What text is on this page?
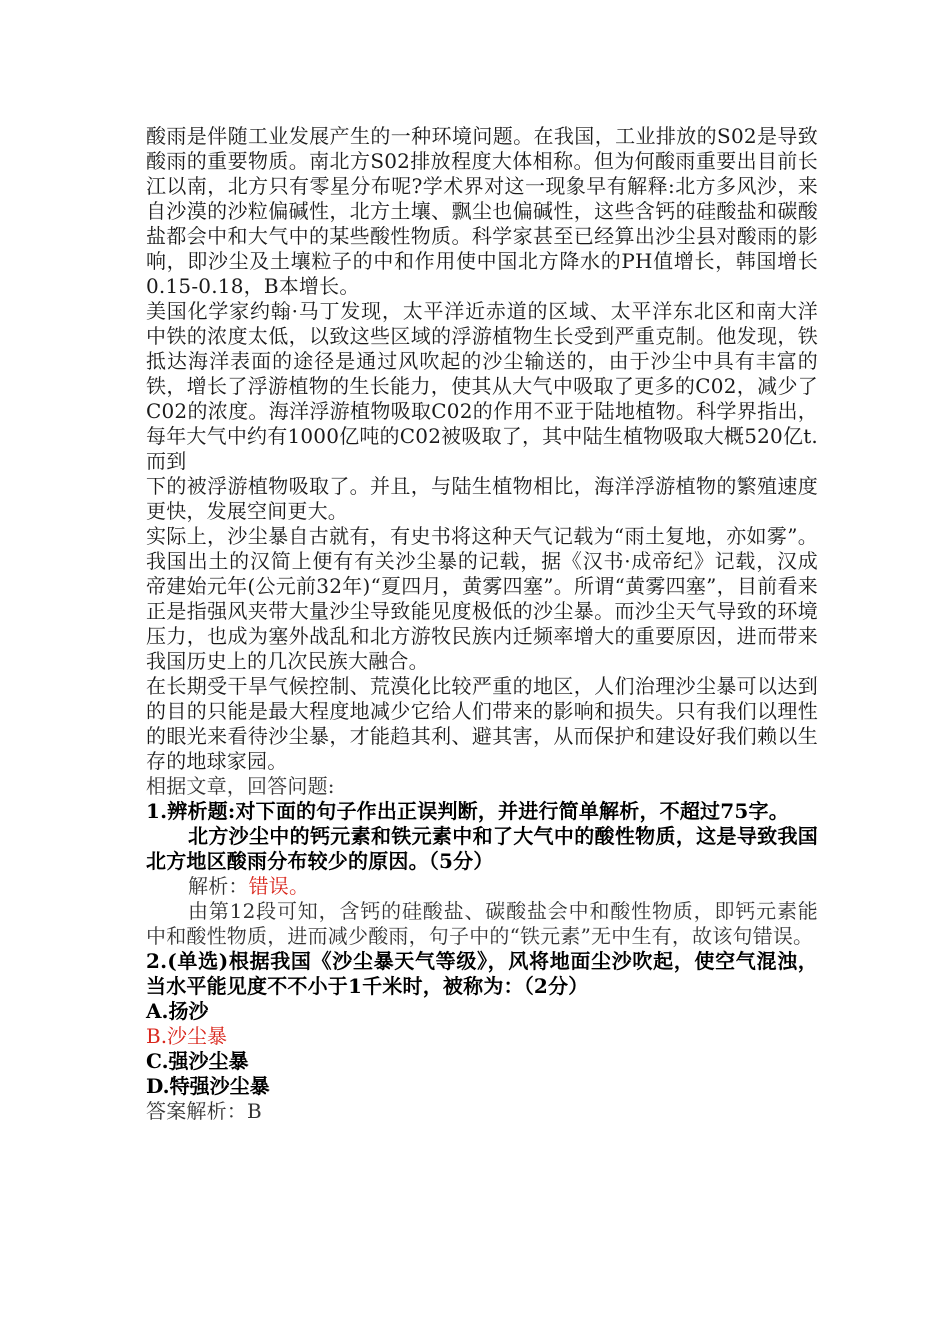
酸雨是伴随工业发展产生的一种环境问题。在我国，工业排放的S02是导致酸雨的重要物质。南北方S02排放程度大体相称。但为何酸雨重要出目前长江以南，北方只有零星分布呢?学术界对这一现象早有解释:北方多风沙，来自沙漠的沙粒偏碱性，北方土壤、飘尘也偏碱性，这些含钙的硅酸盐和碳酸盐都会中和大气中的某些酸性物质。科学家甚至已经算出沙尘县对酸雨的影响，即沙尘及土壤粒子的中和作用使中国北方降水的PH值增长，韩国增长0.15-0.18，B本增长。

美国化学家约翰·马丁发现，太平洋近赤道的区域、太平洋东北区和南大洋中铁的浓度太低，以致这些区域的浮游植物生长受到严重克制。他发现，铁抵达海洋表面的途径是通过风吹起的沙尘输送的，由于沙尘中具有丰富的铁，增长了浮游植物的生长能力，使其从大气中吸取了更多的C02，减少了C02的浓度。海洋浮游植物吸取C02的作用不亚于陆地植物。科学界指出，每年大气中约有1000亿吨的C02被吸取了，其中陆生植物吸取大概520亿t.而到

下的被浮游植物吸取了。并且，与陆生植物相比，海洋浮游植物的繁殖速度更快，发展空间更大。

实际上，沙尘暴自古就有，有史书将这种天气记载为“雨土复地，亦如雾”。我国出土的汉简上便有有关沙尘暴的记载，据《汉书·成帝纪》记载，汉成帝建始元年(公元前32年)“夏四月，黄雾四塞”。所谓“黄雾四塞”，目前看来正是指强风夹带大量沙尘导致能见度极低的沙尘暴。而沙尘天气导致的环境压力，也成为塞外战乱和北方游牧民族内迁频率增大的重要原因，进而带来我国历史上的几次民族大融合。

在长期受干旱气候控制、荒漠化比较严重的地区，人们治理沙尘暴可以达到的目的只能是最大程度地减少它给人们带来的影响和损失。只有我们以理性的眼光来看待沙尘暴，才能趋其利、避其害，从而保护和建设好我们赖以生存的地球家园。

相据文章，回答问题:

1.辨析题:对下面的句子作出正误判断，并进行简单解析，不超过75字。

北方沙尘中的钙元素和铁元素中和了大气中的酸性物质，这是导致我国北方地区酸雨分布较少的原因。（5分）

解析：错误。

由第12段可知，含钙的硅酸盐、碳酸盐会中和酸性物质，即钙元素能中和酸性物质，进而减少酸雨，句子中的“铁元素”无中生有，故该句错误。

2.(单选)根据我国《沙尘暴天气等级》，风将地面尘沙吹起，使空气混浊，当水平能见度不不小于1千米时，被称为：（2分）

A.扬沙

B.沙尘暴

C.强沙尘暴

D.特强沙尘暴

答案解析：B
